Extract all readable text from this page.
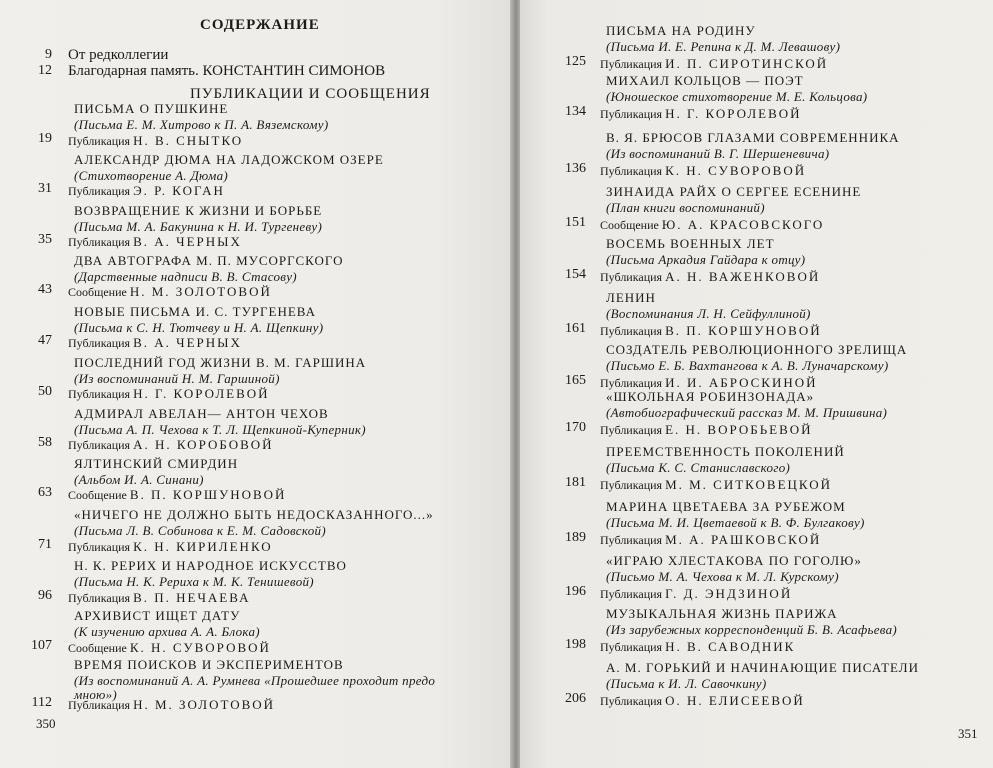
СОДЕРЖАНИЕ
9 От редколлегии
12 Благодарная память. КОНСТАНТИН СИМОНОВ
ПУБЛИКАЦИИ И СООБЩЕНИЯ
ПИСЬМА О ПУШКИНЕ
(Письма Е. М. Хитрово к П. А. Вяземскому)
19 Публикация Н. В. СНЫТКО
АЛЕКСАНДР ДЮМА НА ЛАДОЖСКОМ ОЗЕРЕ
(Стихотворение А. Дюма)
31 Публикация Э. Р. КОГАН
ВОЗВРАЩЕНИЕ К ЖИЗНИ И БОРЬБЕ
(Письма М. А. Бакунина к Н. И. Тургеневу)
35 Публикация В. А. ЧЕРНЫХ
ДВА АВТОГРАФА М. П. МУСОРГСКОГО
(Дарственные надписи В. В. Стасову)
43 Сообщение Н. М. ЗОЛОТОВОЙ
НОВЫЕ ПИСЬМА И. С. ТУРГЕНЕВА
(Письма к С. Н. Тютчеву и Н. А. Щепкину)
47 Публикация В. А. ЧЕРНЫХ
ПОСЛЕДНИЙ ГОД ЖИЗНИ В. М. ГАРШИНА
(Из воспоминаний Н. М. Гаршиной)
50 Публикация Н. Г. КОРОЛЕВОЙ
АДМИРАЛ АВЕЛАН— АНТОН ЧЕХОВ
(Письма А. П. Чехова к Т. Л. Щепкиной-Куперник)
58 Публикация А. Н. КОРОБОВОЙ
ЯЛТИНСКИЙ СМИРДИН
(Альбом И. А. Синани)
63 Сообщение В. П. КОРШУНОВОЙ
«НИЧЕГО НЕ ДОЛЖНО БЫТЬ НЕДОСКАЗАННОГО...»
(Письма Л. В. Собинова к Е. М. Садовской)
71 Публикация К. Н. КИРИЛЕНКО
Н. К. РЕРИХ И НАРОДНОЕ ИСКУССТВО
(Письма Н. К. Рериха к М. К. Тенишевой)
96 Публикация В. П. НЕЧАЕВА
АРХИВИСТ ИЩЕТ ДАТУ
(К изучению архива А. А. Блока)
107 Сообщение К. Н. СУВОРОВОЙ
ВРЕМЯ ПОИСКОВ И ЭКСПЕРИМЕНТОВ
(Из воспоминаний А. А. Румнева «Прошедшее проходит предо
мною»)
112 Публикация Н. М. ЗОЛОТОВОЙ
350
ПИСЬМА НА РОДИНУ
(Письма И. Е. Репина к Д. М. Левашову)
125 Публикация И. П. СИРОТИНСКОЙ
МИХАИЛ КОЛЬЦОВ — ПОЭТ
(Юношеское стихотворение М. Е. Кольцова)
134 Публикация Н. Г. КОРОЛЕВОЙ
В. Я. БРЮСОВ ГЛАЗАМИ СОВРЕМЕННИКА
(Из воспоминаний В. Г. Шершеневича)
136 Публикация К. Н. СУВОРОВОЙ
ЗИНАИДА РАЙХ О СЕРГЕЕ ЕСЕНИНЕ
(План книги воспоминаний)
151 Сообщение Ю. А. КРАСОВСКОГО
ВОСЕМЬ ВОЕННЫХ ЛЕТ
(Письма Аркадия Гайдара к отцу)
154 Публикация А. Н. ВАЖЕНКОВОЙ
ЛЕНИН
(Воспоминания Л. Н. Сейфуллиной)
161 Публикация В. П. КОРШУНОВОЙ
СОЗДАТЕЛЬ РЕВОЛЮЦИОННОГО ЗРЕЛИЩА
(Письмо Е. Б. Вахтангова к А. В. Луначарскому)
165 Публикация И. И. АБРОСКИНОЙ
«ШКОЛЬНАЯ РОБИНЗОНАДА»
(Автобиографический рассказ М. М. Пришвина)
170 Публикация Е. Н. ВОРОБЬЕВОЙ
ПРЕЕМСТВЕННОСТЬ ПОКОЛЕНИЙ
(Письма К. С. Станиславского)
181 Публикация М. М. СИТКОВЕЦКОЙ
МАРИНА ЦВЕТАЕВА ЗА РУБЕЖОМ
(Письма М. И. Цветаевой к В. Ф. Булгакову)
189 Публикация М. А. РАШКОВСКОЙ
«ИГРАЮ ХЛЕСТАКОВА ПО ГОГОЛЮ»
(Письмо М. А. Чехова к М. Л. Курскому)
196 Публикация Г. Д. ЭНДЗИНОЙ
МУЗЫКАЛЬНАЯ ЖИЗНЬ ПАРИЖА
(Из зарубежных корреспонденций Б. В. Асафьева)
198 Публикация Н. В. САВОДНИК
А. М. ГОРЬКИЙ И НАЧИНАЮЩИЕ ПИСАТЕЛИ
(Письма к И. Л. Савочкину)
206 Публикация О. Н. ЕЛИСЕЕВОЙ
351
